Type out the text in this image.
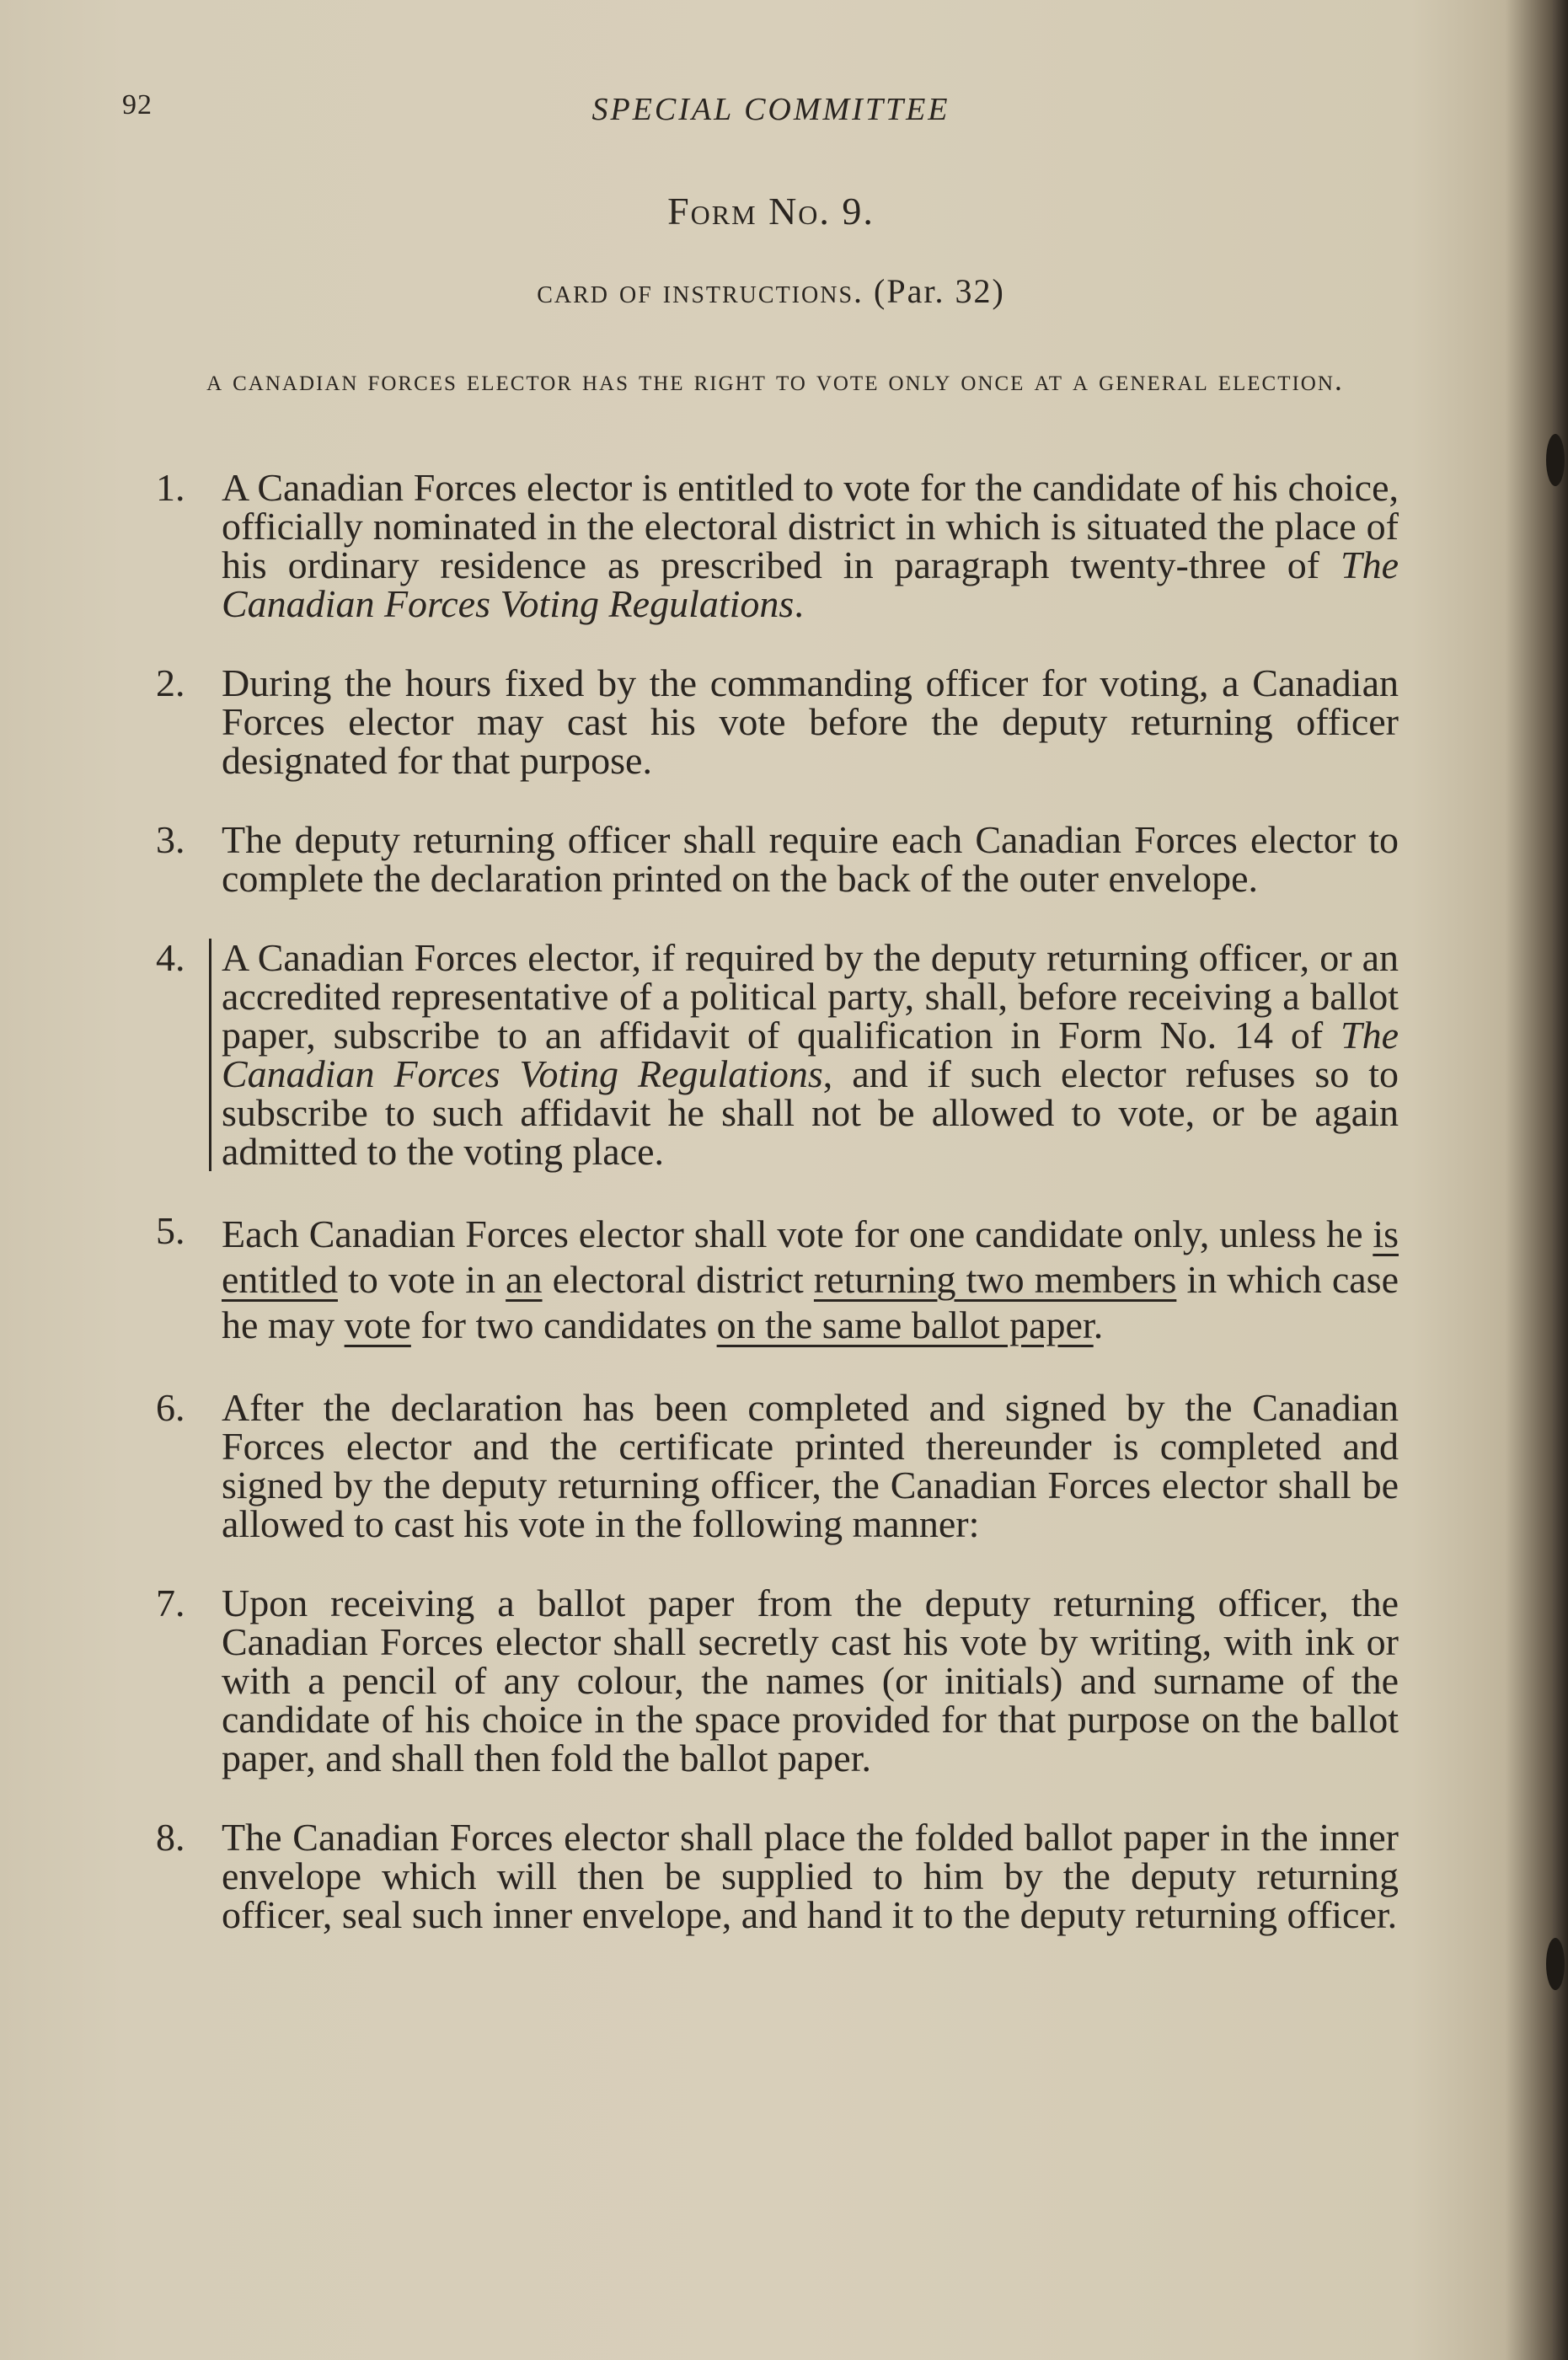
92	SPECIAL COMMITTEE
Form No. 9.
card of instructions. (Par. 32)
a canadian forces elector has the right to vote only once at a general election.
1. A Canadian Forces elector is entitled to vote for the candidate of his choice, officially nominated in the electoral district in which is situated the place of his ordinary residence as prescribed in paragraph twenty-three of The Canadian Forces Voting Regulations.
2. During the hours fixed by the commanding officer for voting, a Canadian Forces elector may cast his vote before the deputy returning officer designated for that purpose.
3. The deputy returning officer shall require each Canadian Forces elector to complete the declaration printed on the back of the outer envelope.
4. A Canadian Forces elector, if required by the deputy returning officer, or an accredited representative of a political party, shall, before receiving a ballot paper, subscribe to an affidavit of qualification in Form No. 14 of The Canadian Forces Voting Regulations, and if such elector refuses so to subscribe to such affidavit he shall not be allowed to vote, or be again admitted to the voting place.
5. Each Canadian Forces elector shall vote for one candidate only, unless he is entitled to vote in an electoral district returning two members in which case he may vote for two candidates on the same ballot paper.
6. After the declaration has been completed and signed by the Canadian Forces elector and the certificate printed thereunder is completed and signed by the deputy returning officer, the Canadian Forces elector shall be allowed to cast his vote in the following manner:
7. Upon receiving a ballot paper from the deputy returning officer, the Canadian Forces elector shall secretly cast his vote by writing, with ink or with a pencil of any colour, the names (or initials) and surname of the candidate of his choice in the space provided for that purpose on the ballot paper, and shall then fold the ballot paper.
8. The Canadian Forces elector shall place the folded ballot paper in the inner envelope which will then be supplied to him by the deputy returning officer, seal such inner envelope, and hand it to the deputy returning officer.
